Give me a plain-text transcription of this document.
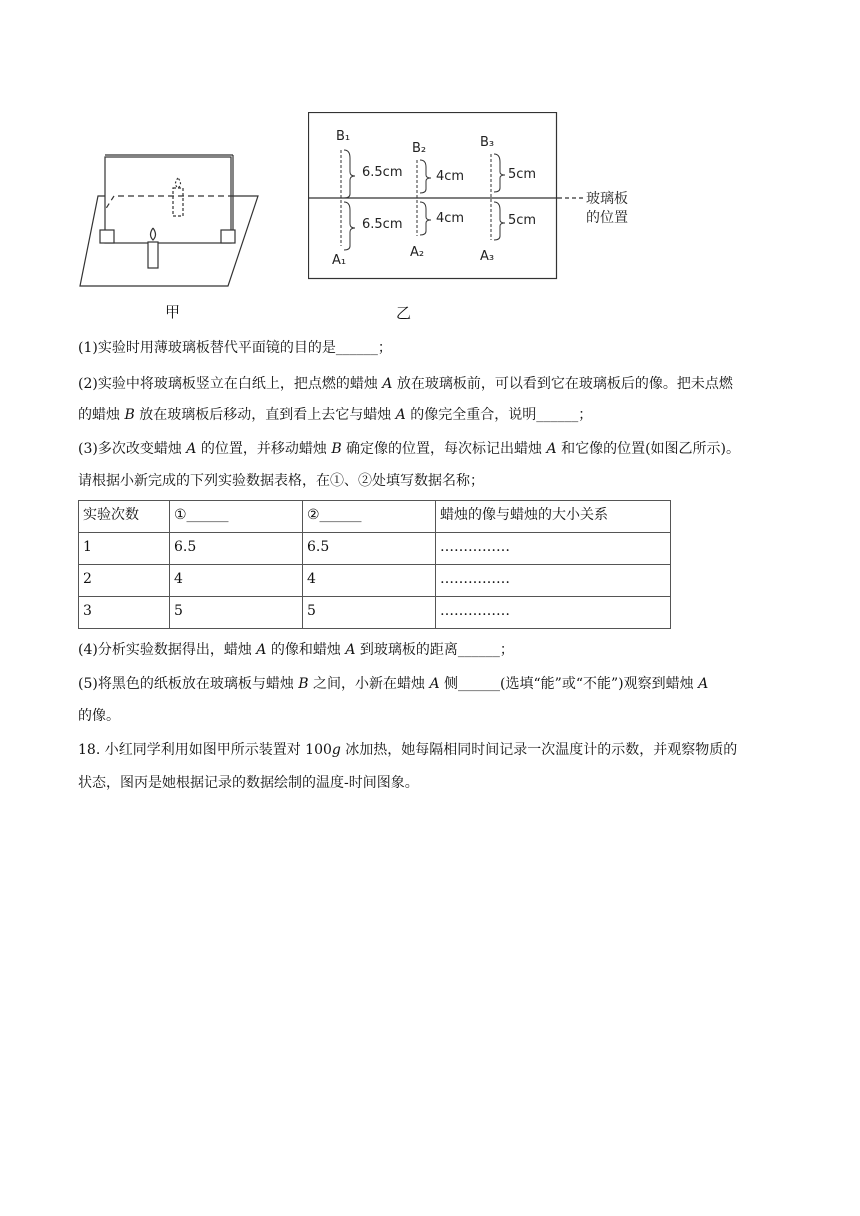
甲
B₁
B₂	B₃
A₁
A₂	A₃
6.5cm
6.5cm
4cm
4cm
5cm
5cm
玻璃板
的位置
乙
(1)实验时用薄玻璃板替代平面镜的目的是______；
(2)实验中将玻璃板竖立在白纸上，把点燃的蜡烛 A 放在玻璃板前，可以看到它在玻璃板后的像。把未点燃
的蜡烛 B 放在玻璃板后移动，直到看上去它与蜡烛 A 的像完全重合，说明______；
(3)多次改变蜡烛 A 的位置，并移动蜡烛 B 确定像的位置，每次标记出蜡烛 A 和它像的位置(如图乙所示)。
请根据小新完成的下列实验数据表格，在①、②处填写数据名称；
实验次数	①______	②______	蜡烛的像与蜡烛的大小关系
1	6.5	6.5	……………
2	4	4	……………
3	5	5	……………
(4)分析实验数据得出，蜡烛 A 的像和蜡烛 A 到玻璃板的距离______；
(5)将黑色的纸板放在玻璃板与蜡烛 B 之间，小新在蜡烛 A 侧______(选填“能”或“不能”)观察到蜡烛 A
的像。
18. 小红同学利用如图甲所示装置对 100g 冰加热，她每隔相同时间记录一次温度计的示数，并观察物质的
状态，图丙是她根据记录的数据绘制的温度-时间图象。
